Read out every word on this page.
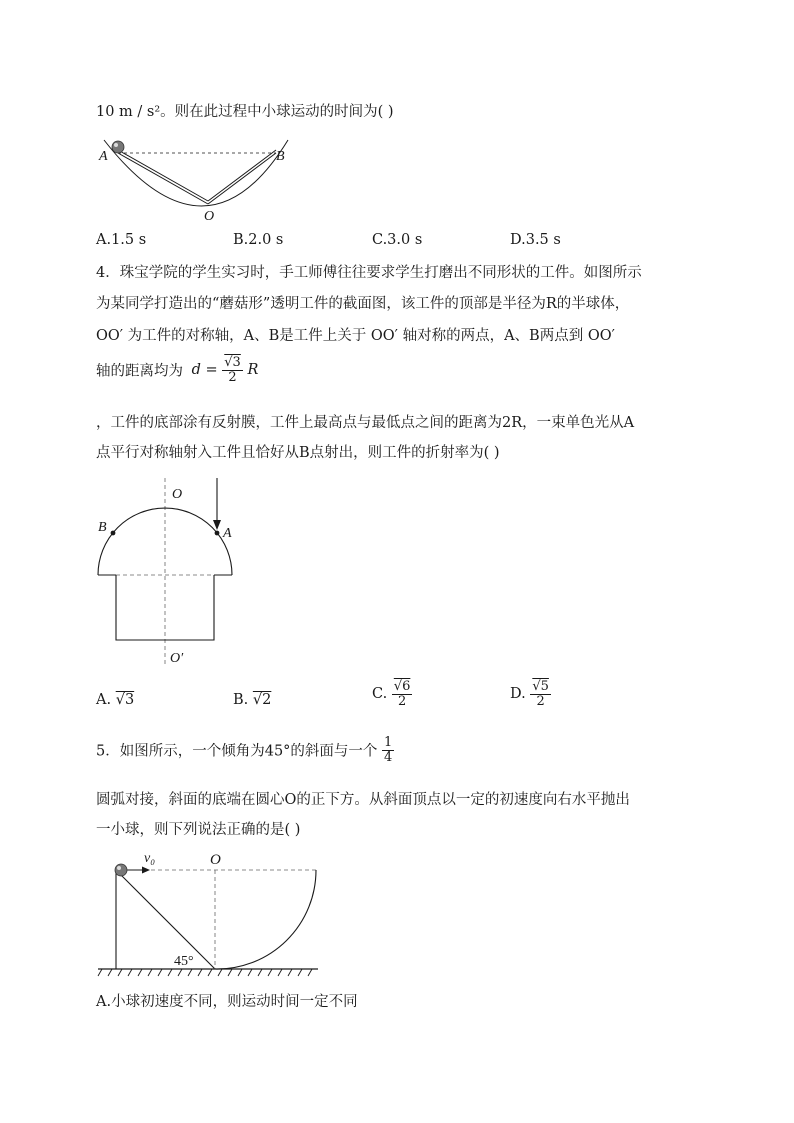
10 m / s²。则在此过程中小球运动的时间为( )
A	B
O
A.1.5 s	B.2.0 s	C.3.0 s	D.3.5 s
4．珠宝学院的学生实习时，手工师傅往往要求学生打磨出不同形状的工件。如图所示
为某同学打造出的“蘑菇形”透明工件的截面图，该工件的顶部是半径为R的半球体，
OO′ 为工件的对称轴，A、B是工件上关于 OO′ 轴对称的两点，A、B两点到 OO′
轴的距离均为 $d = \frac{√3}{2}$ R
，工件的底部涂有反射膜，工件上最高点与最低点之间的距离为2R，一束单色光从A
点平行对称轴射入工件且恰好从B点射出，则工件的折射率为( )
O
O′
A
B
A. √3	B. √2	C. $\frac{√6}{2}$	D. $\frac{√5}{2}$
5．如图所示，一个倾角为45°的斜面与一个 $\frac{1}{4}$
圆弧对接，斜面的底端在圆心O的正下方。从斜面顶点以一定的初速度向右水平抛出
一小球，则下列说法正确的是( )
v₀	O
45°
A.小球初速度不同，则运动时间一定不同
